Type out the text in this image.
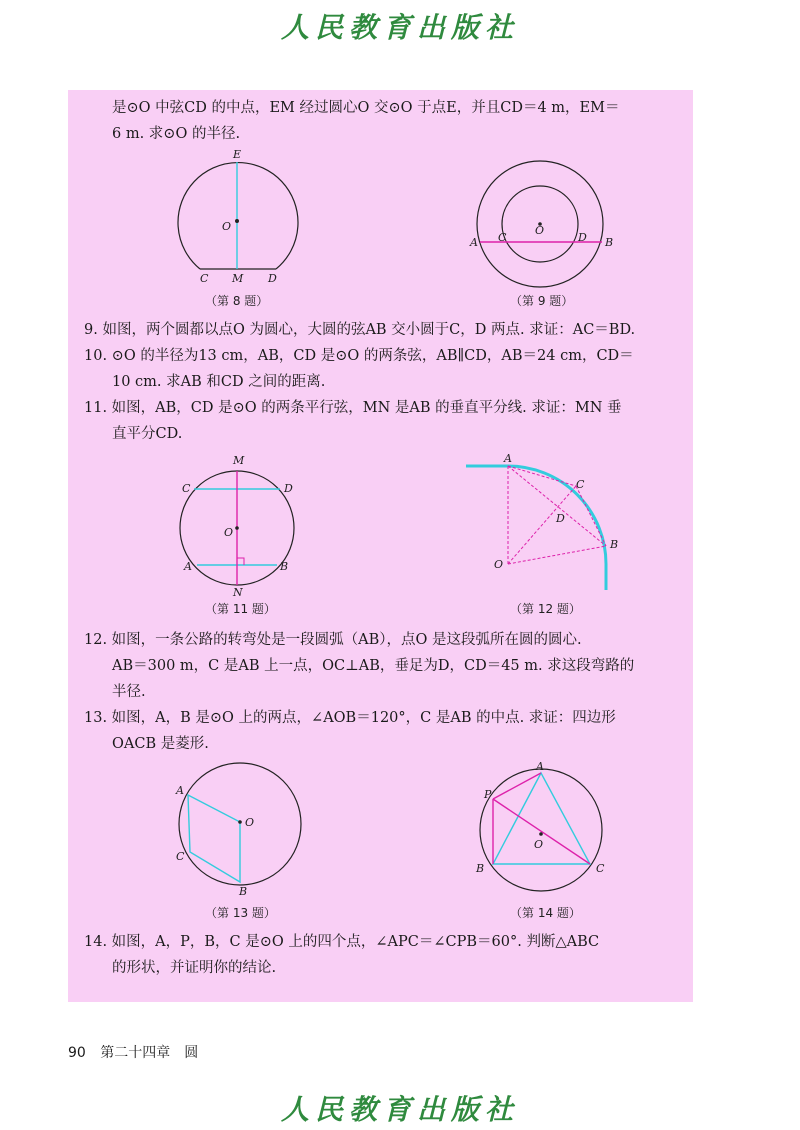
人民教育出版社
是⊙O 中弦CD 的中点，EM 经过圆心O 交⊙O 于点E，并且CD＝4 m，EM＝
6 m. 求⊙O 的半径.
E
O
C M D
（第 8 题）
O
A C	D B
（第 9 题）
9. 如图，两个圆都以点O 为圆心，大圆的弦AB 交小圆于C，D 两点. 求证：AC＝BD.
10. ⊙O 的半径为13 cm，AB，CD 是⊙O 的两条弦，AB∥CD，AB＝24 cm，CD＝
10 cm. 求AB 和CD 之间的距离.
11. 如图，AB，CD 是⊙O 的两条平行弦，MN 是AB 的垂直平分线. 求证：MN 垂
直平分CD.
M
C	D
O
A	B
N
（第 11 题）
A
C
D
B
O
（第 12 题）
12. 如图，一条公路的转弯处是一段圆弧（AB），点O 是这段弧所在圆的圆心.
AB＝300 m，C 是AB 上一点，OC⊥AB，垂足为D，CD＝45 m. 求这段弯路的
半径.
13. 如图，A，B 是⊙O 上的两点，∠AOB＝120°，C 是AB 的中点. 求证：四边形
OACB 是菱形.
A
O
C
B
（第 13 题）
A
P
O
B	C
（第 14 题）
14. 如图，A，P，B，C 是⊙O 上的四个点，∠APC＝∠CPB＝60°. 判断△ABC
的形状，并证明你的结论.
90 第二十四章　圆
人民教育出版社
